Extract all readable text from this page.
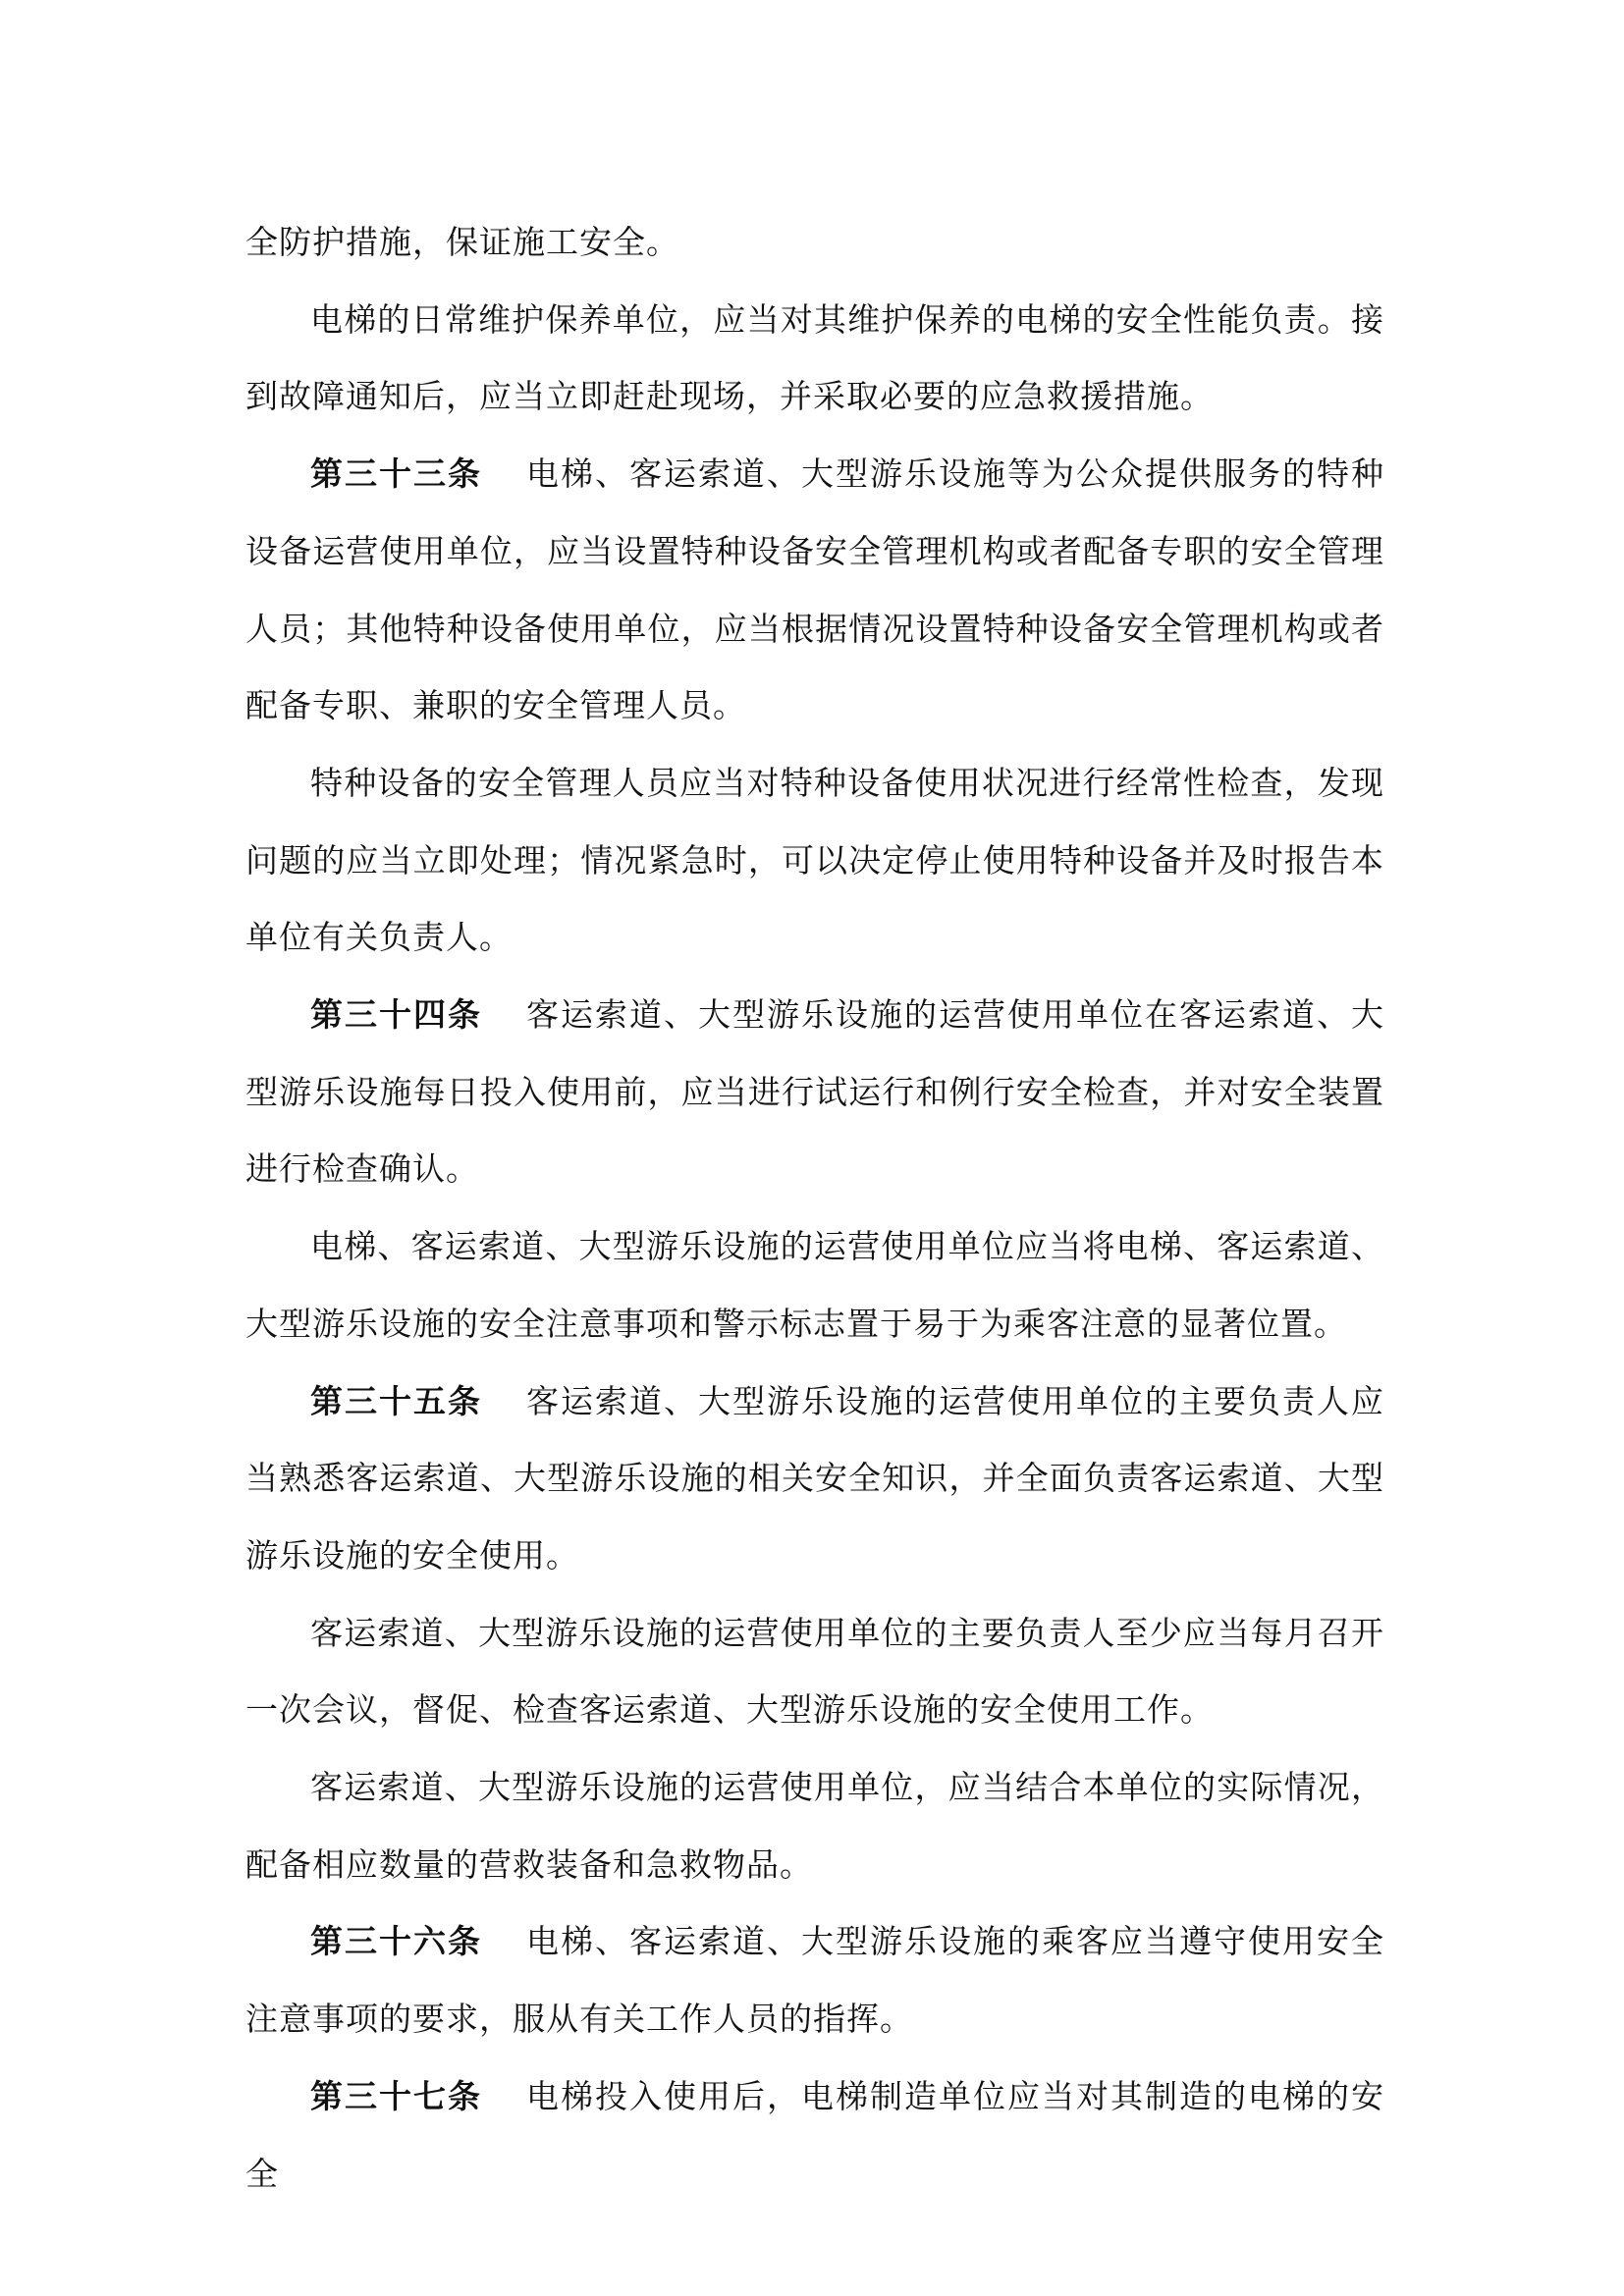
全防护措施，保证施工安全。

电梯的日常维护保养单位，应当对其维护保养的电梯的安全性能负责。接到故障通知后，应当立即赶赴现场，并采取必要的应急救援措施。

第三十三条 电梯、客运索道、大型游乐设施等为公众提供服务的特种设备运营使用单位，应当设置特种设备安全管理机构或者配备专职的安全管理人员；其他特种设备使用单位，应当根据情况设置特种设备安全管理机构或者配备专职、兼职的安全管理人员。

特种设备的安全管理人员应当对特种设备使用状况进行经常性检查，发现问题的应当立即处理；情况紧急时，可以决定停止使用特种设备并及时报告本单位有关负责人。

第三十四条 客运索道、大型游乐设施的运营使用单位在客运索道、大型游乐设施每日投入使用前，应当进行试运行和例行安全检查，并对安全装置进行检查确认。

电梯、客运索道、大型游乐设施的运营使用单位应当将电梯、客运索道、大型游乐设施的安全注意事项和警示标志置于易于为乘客注意的显著位置。

第三十五条 客运索道、大型游乐设施的运营使用单位的主要负责人应当熟悉客运索道、大型游乐设施的相关安全知识，并全面负责客运索道、大型游乐设施的安全使用。

客运索道、大型游乐设施的运营使用单位的主要负责人至少应当每月召开一次会议，督促、检查客运索道、大型游乐设施的安全使用工作。

客运索道、大型游乐设施的运营使用单位，应当结合本单位的实际情况，配备相应数量的营救装备和急救物品。

第三十六条 电梯、客运索道、大型游乐设施的乘客应当遵守使用安全注意事项的要求，服从有关工作人员的指挥。

第三十七条 电梯投入使用后，电梯制造单位应当对其制造的电梯的安全
